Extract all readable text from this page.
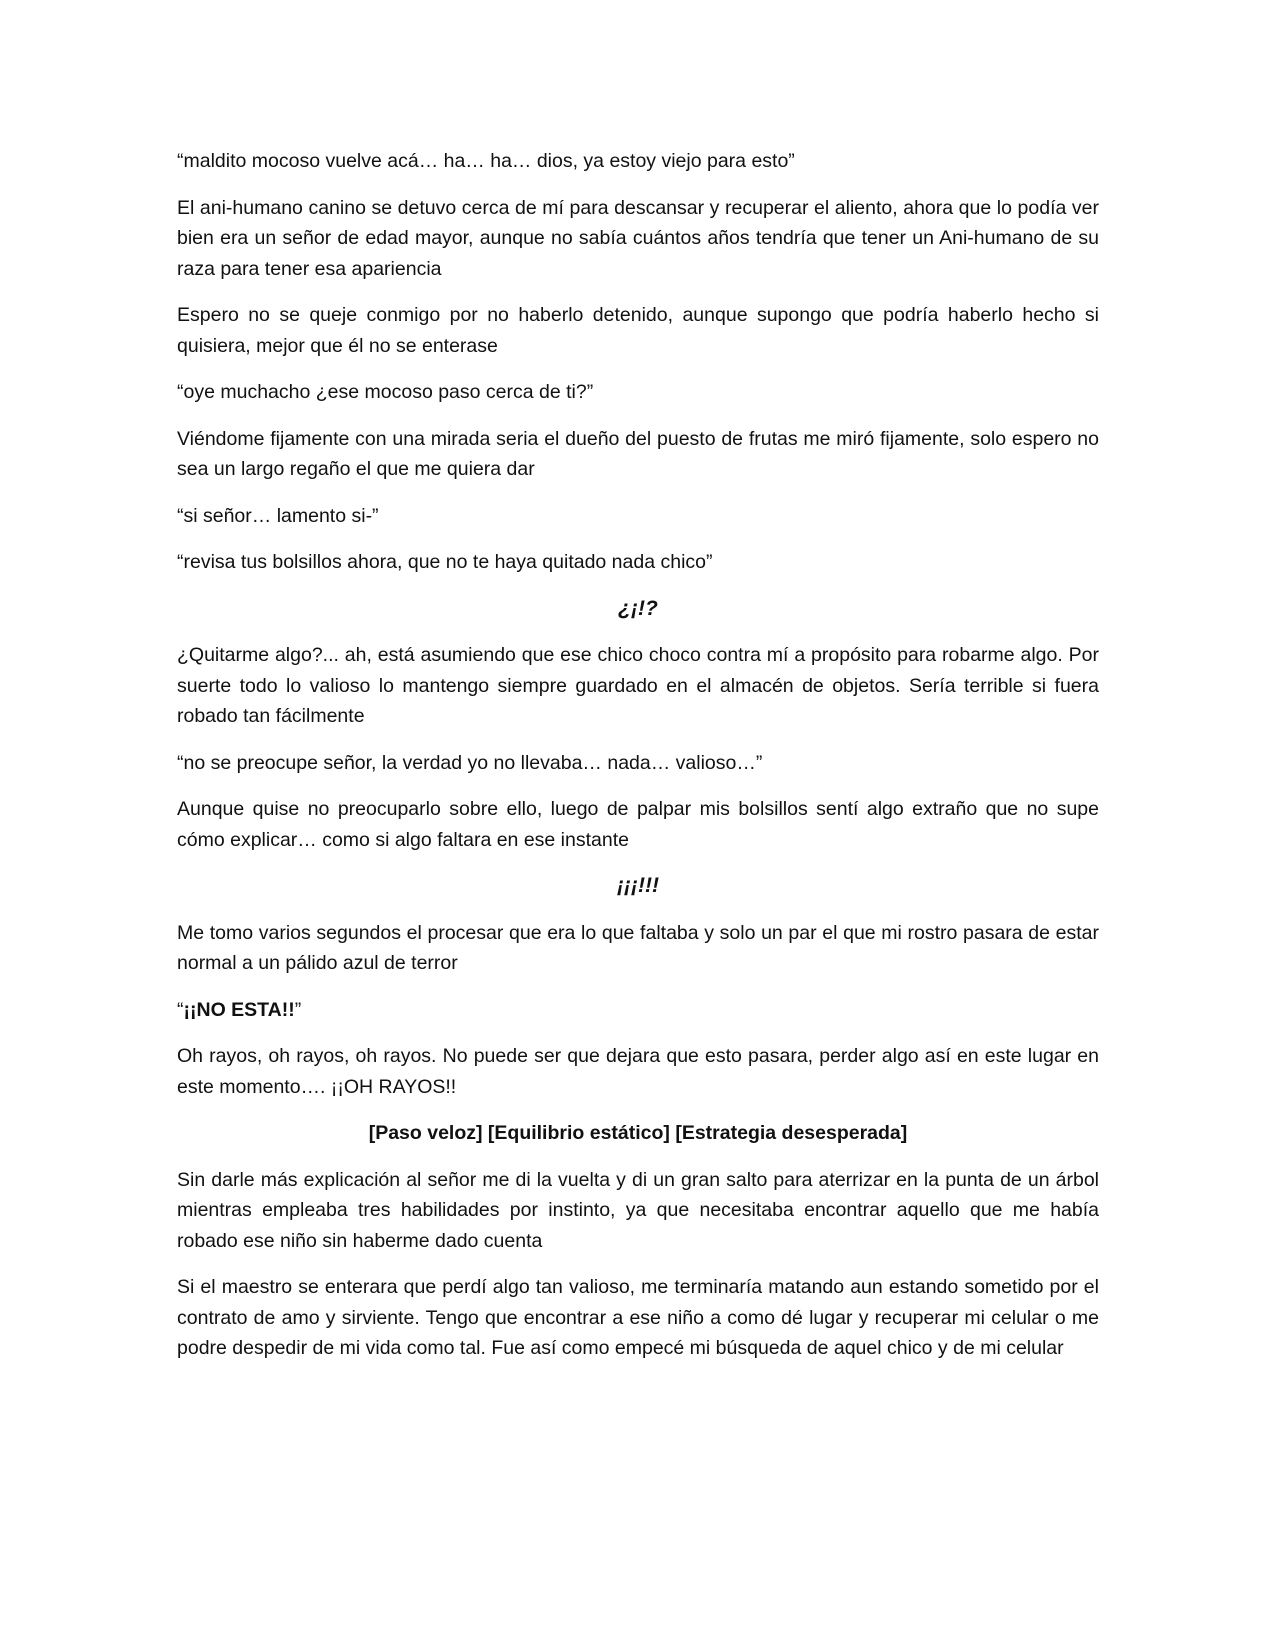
“maldito mocoso vuelve acá… ha… ha… dios, ya estoy viejo para esto”

El ani-humano canino se detuvo cerca de mí para descansar y recuperar el aliento, ahora que lo podía ver bien era un señor de edad mayor, aunque no sabía cuántos años tendría que tener un Ani-humano de su raza para tener esa apariencia

Espero no se queje conmigo por no haberlo detenido, aunque supongo que podría haberlo hecho si quisiera, mejor que él no se enterase

“oye muchacho ¿ese mocoso paso cerca de ti?”

Viéndome fijamente con una mirada seria el dueño del puesto de frutas me miró fijamente, solo espero no sea un largo regaño el que me quiera dar

“si señor… lamento si-”

“revisa tus bolsillos ahora, que no te haya quitado nada chico”

¿¡!?

¿Quitarme algo?... ah, está asumiendo que ese chico choco contra mí a propósito para robarme algo. Por suerte todo lo valioso lo mantengo siempre guardado en el almacén de objetos. Sería terrible si fuera robado tan fácilmente

“no se preocupe señor, la verdad yo no llevaba… nada… valioso…”

Aunque quise no preocuparlo sobre ello, luego de palpar mis bolsillos sentí algo extraño que no supe cómo explicar… como si algo faltara en ese instante

¡¡¡!!!

Me tomo varios segundos el procesar que era lo que faltaba y solo un par el que mi rostro pasara de estar normal a un pálido azul de terror

“¡¡NO ESTA!!”

Oh rayos, oh rayos, oh rayos. No puede ser que dejara que esto pasara, perder algo así en este lugar en este momento…. ¡¡OH RAYOS!!

[Paso veloz] [Equilibrio estático] [Estrategia desesperada]

Sin darle más explicación al señor me di la vuelta y di un gran salto para aterrizar en la punta de un árbol mientras empleaba tres habilidades por instinto, ya que necesitaba encontrar aquello que me había robado ese niño sin haberme dado cuenta

Si el maestro se enterara que perdí algo tan valioso, me terminaría matando aun estando sometido por el contrato de amo y sirviente. Tengo que encontrar a ese niño a como dé lugar y recuperar mi celular o me podre despedir de mi vida como tal. Fue así como empecé mi búsqueda de aquel chico y de mi celular
